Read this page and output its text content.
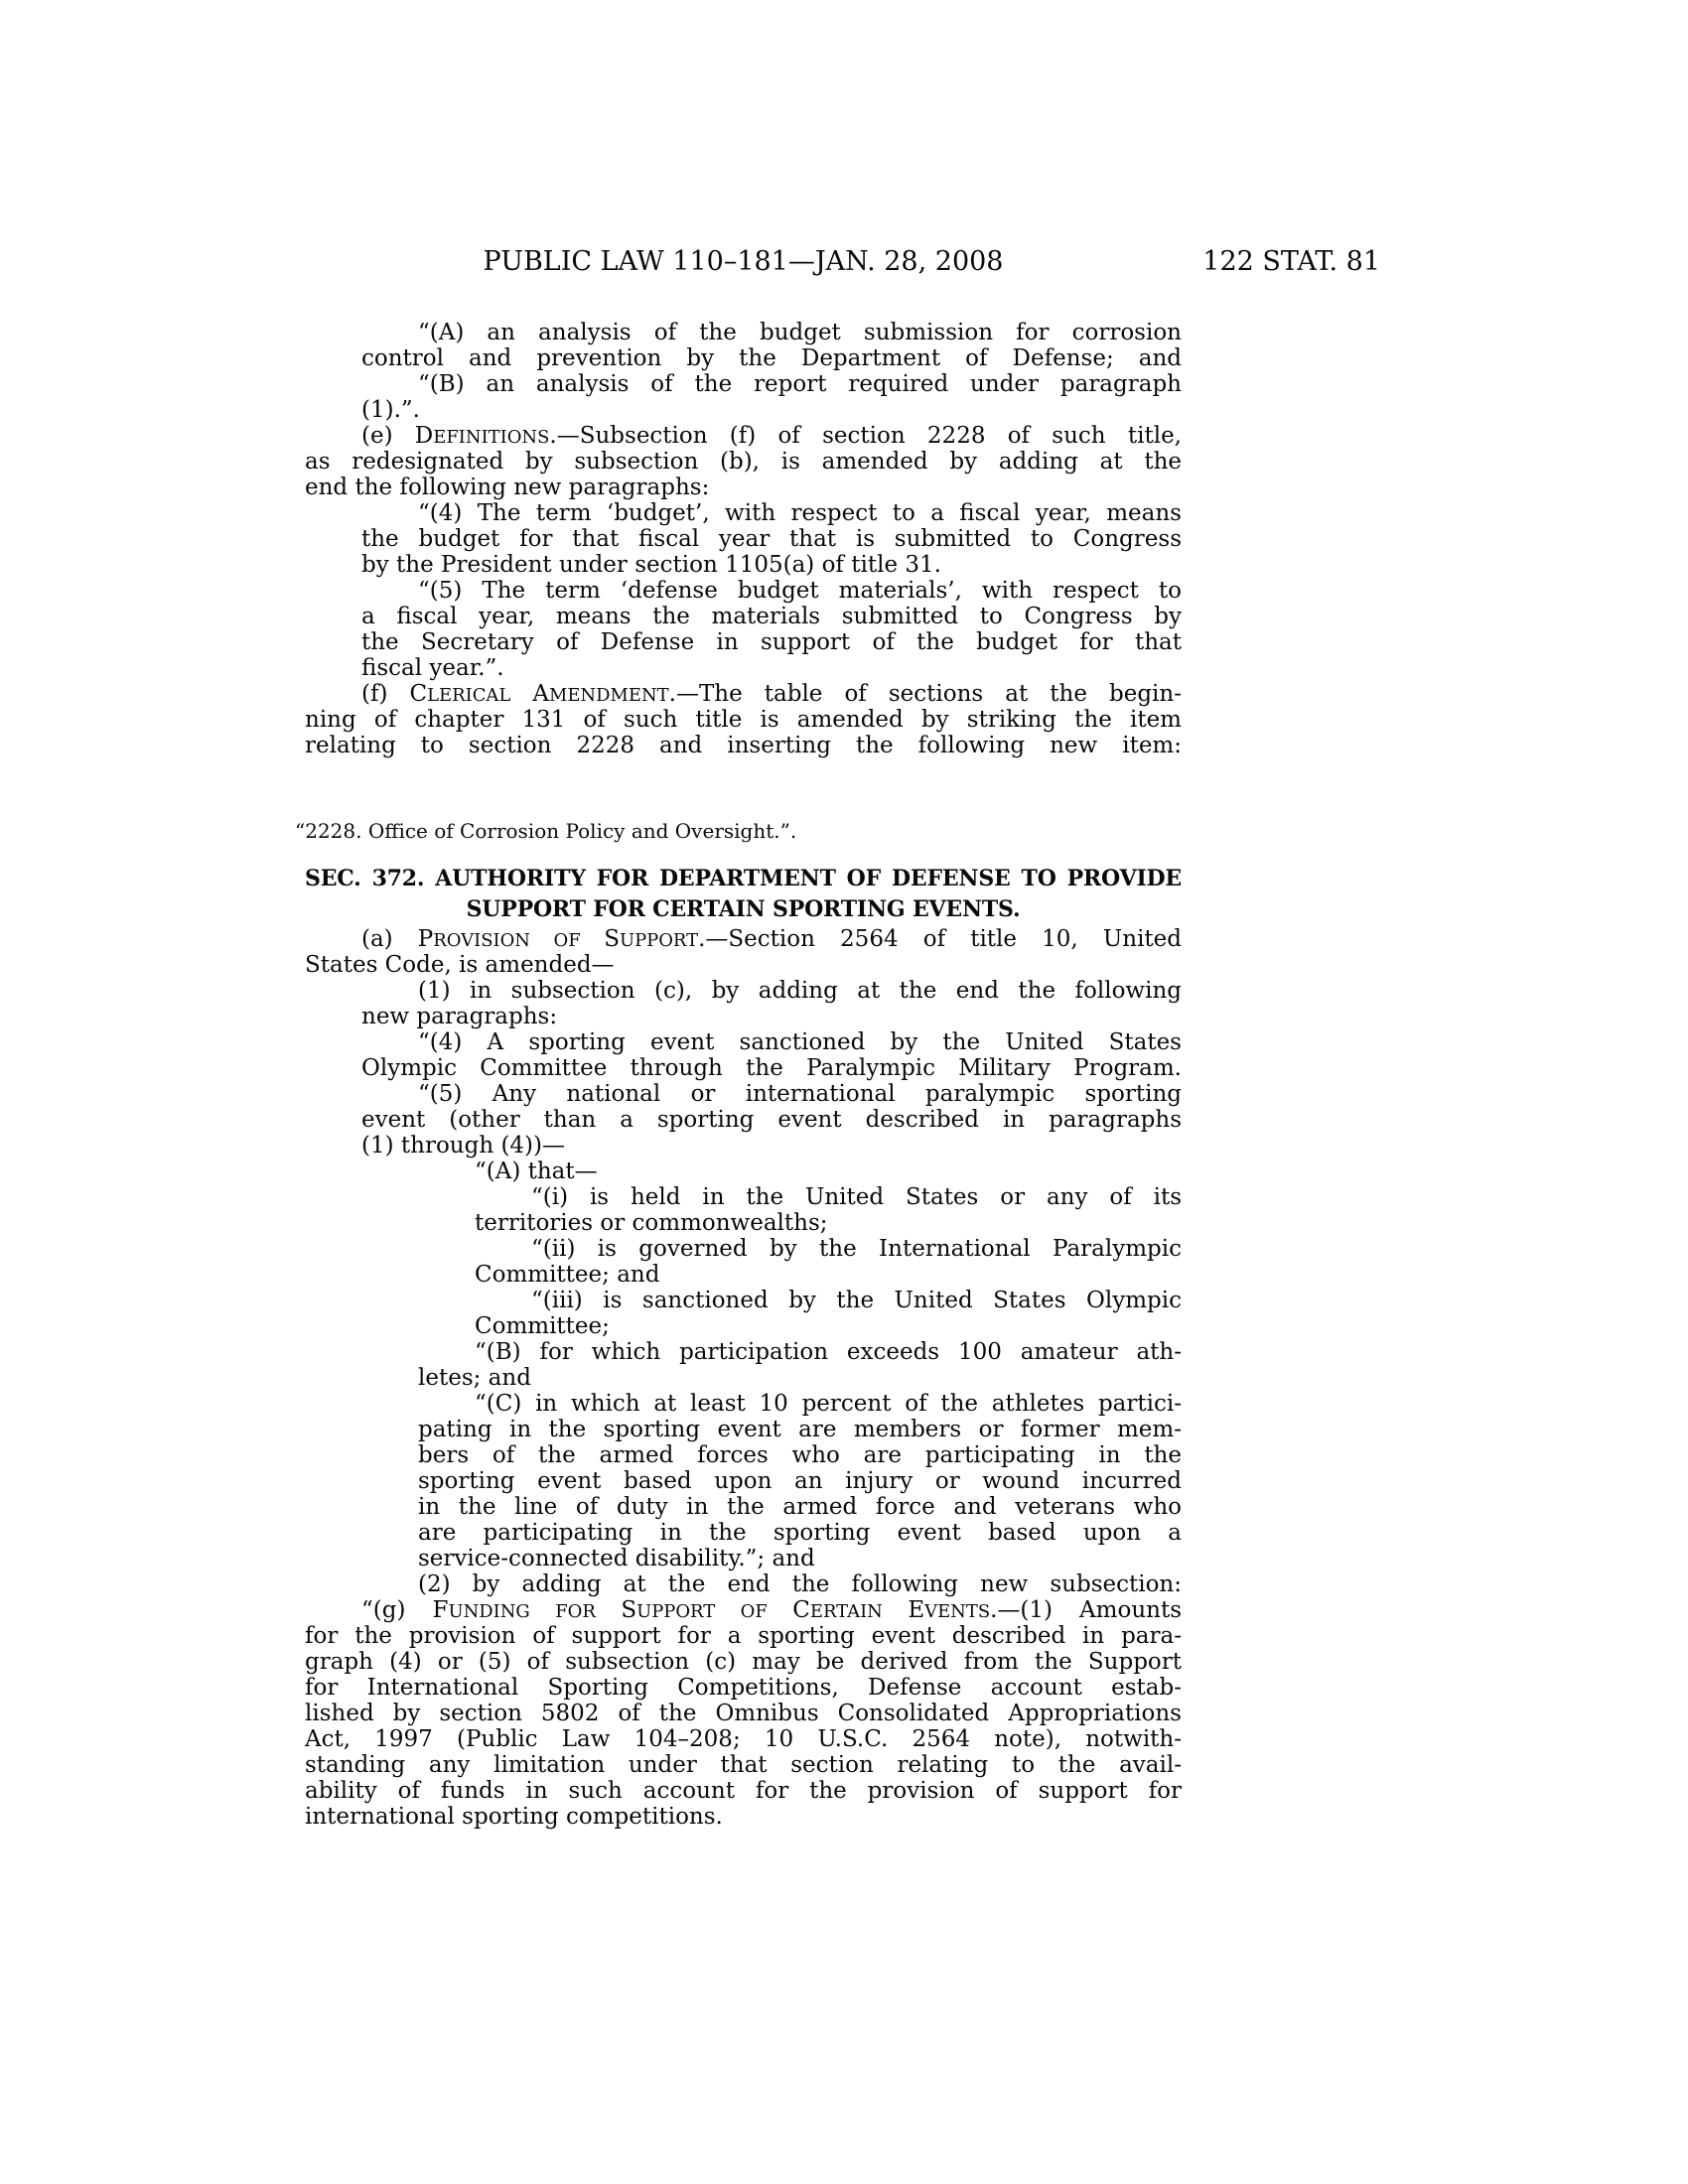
PUBLIC LAW 110–181—JAN. 28, 2008	122 STAT. 81
“(A) an analysis of the budget submission for corrosion
control and prevention by the Department of Defense; and
“(B) an analysis of the report required under paragraph
(1).”.
(e) DEFINITIONS.—Subsection (f) of section 2228 of such title,
as redesignated by subsection (b), is amended by adding at the
end the following new paragraphs:
“(4) The term ‘budget’, with respect to a fiscal year, means
the budget for that fiscal year that is submitted to Congress
by the President under section 1105(a) of title 31.
“(5) The term ‘defense budget materials’, with respect to
a fiscal year, means the materials submitted to Congress by
the Secretary of Defense in support of the budget for that
fiscal year.”.
(f) CLERICAL AMENDMENT.—The table of sections at the begin-
ning of chapter 131 of such title is amended by striking the item
relating to section 2228 and inserting the following new item:
“2228. Office of Corrosion Policy and Oversight.”.
SEC. 372. AUTHORITY FOR DEPARTMENT OF DEFENSE TO PROVIDE
SUPPORT FOR CERTAIN SPORTING EVENTS.
(a) PROVISION OF SUPPORT.—Section 2564 of title 10, United
States Code, is amended—
(1) in subsection (c), by adding at the end the following
new paragraphs:
“(4) A sporting event sanctioned by the United States
Olympic Committee through the Paralympic Military Program.
“(5) Any national or international paralympic sporting
event (other than a sporting event described in paragraphs
(1) through (4))—
“(A) that—
“(i) is held in the United States or any of its
territories or commonwealths;
“(ii) is governed by the International Paralympic
Committee; and
“(iii) is sanctioned by the United States Olympic
Committee;
“(B) for which participation exceeds 100 amateur ath-
letes; and
“(C) in which at least 10 percent of the athletes partici-
pating in the sporting event are members or former mem-
bers of the armed forces who are participating in the
sporting event based upon an injury or wound incurred
in the line of duty in the armed force and veterans who
are participating in the sporting event based upon a
service-connected disability.”; and
(2) by adding at the end the following new subsection:
“(g) FUNDING FOR SUPPORT OF CERTAIN EVENTS.—(1) Amounts
for the provision of support for a sporting event described in para-
graph (4) or (5) of subsection (c) may be derived from the Support
for International Sporting Competitions, Defense account estab-
lished by section 5802 of the Omnibus Consolidated Appropriations
Act, 1997 (Public Law 104–208; 10 U.S.C. 2564 note), notwith-
standing any limitation under that section relating to the avail-
ability of funds in such account for the provision of support for
international sporting competitions.
